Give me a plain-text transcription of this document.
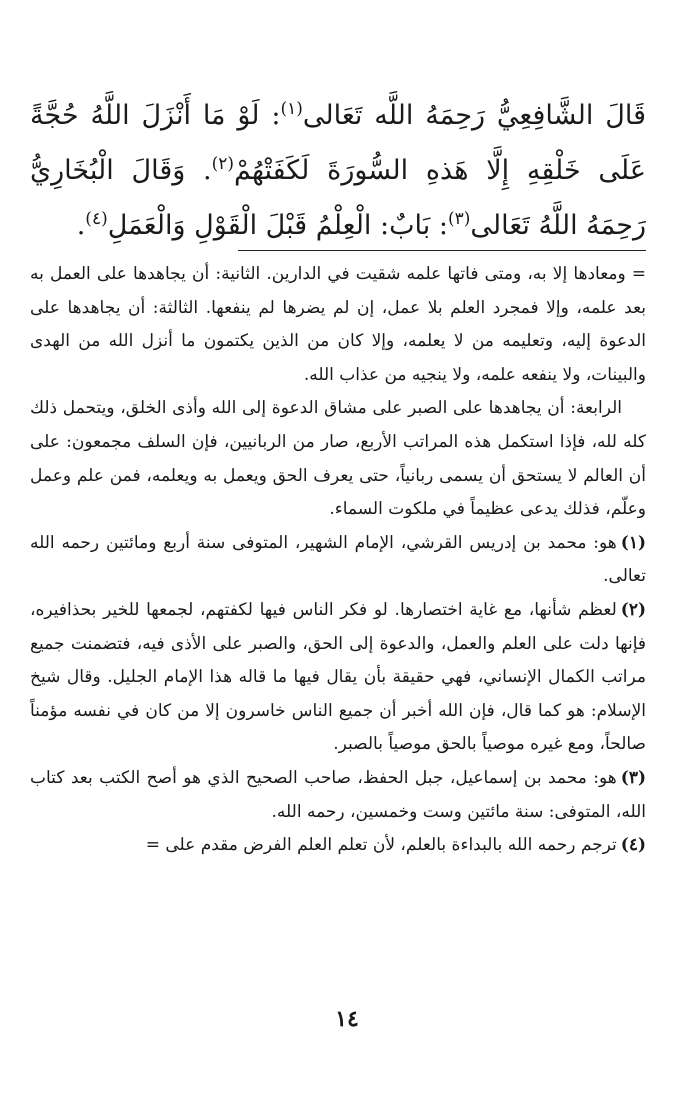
قَالَ الشَّافِعِيُّ رَحِمَهُ اللَّه تَعَالى$^{(١)}$: لَوْ مَا أَنْزَلَ اللَّهُ حُجَّةً عَلَى خَلْقِهِ إِلَّا هَذهِ السُّورَةَ لَكَفَتْهُمْ$^{(٢)}$. وَقَالَ الْبُخَارِيُّ رَحِمَهُ اللَّهُ تَعَالى$^{(٣)}$: بَابٌ: الْعِلْمُ قَبْلَ الْقَوْلِ وَالْعَمَلِ$^{(٤)}$.

=ومعادها إلا به، ومتى فاتها علمه شقيت في الدارين. الثانية: أن يجاهدها على العمل به بعد علمه، وإلا فمجرد العلم بلا عمل، إن لم يضرها لم ينفعها. الثالثة: أن يجاهدها على الدعوة إليه، وتعليمه من لا يعلمه، وإلا كان من الذين يكتمون ما أنزل الله من الهدى والبينات، ولا ينفعه علمه، ولا ينجيه من عذاب الله.

الرابعة: أن يجاهدها على الصبر على مشاق الدعوة إلى الله وأذى الخلق، ويتحمل ذلك كله لله، فإذا استكمل هذه المراتب الأربع، صار من الربانيين، فإن السلف مجمعون: على أن العالم لا يستحق أن يسمى ربانياً، حتى يعرف الحق ويعمل به ويعلمه، فمن علم وعمل وعلّم، فذلك يدعى عظيماً في ملكوت السماء.

(١)هو: محمد بن إدريس القرشي، الإمام الشهير، المتوفى سنة أربع ومائتين رحمه الله تعالى.

(٢)لعظم شأنها، مع غاية اختصارها. لو فكر الناس فيها لكفتهم، لجمعها للخير بحذافيره، فإنها دلت على العلم والعمل، والدعوة إلى الحق، والصبر على الأذى فيه، فتضمنت جميع مراتب الكمال الإنساني، فهي حقيقة بأن يقال فيها ما قاله هذا الإمام الجليل. وقال شيخ الإسلام: هو كما قال، فإن الله أخبر أن جميع الناس خاسرون إلا من كان في نفسه مؤمناً صالحاً، ومع غيره موصياً بالحق موصياً بالصبر.

(٣)هو: محمد بن إسماعيل، جبل الحفظ، صاحب الصحيح الذي هو أصح الكتب بعد كتاب الله، المتوفى: سنة مائتين وست وخمسين، رحمه الله.

(٤)ترجم رحمه الله بالبداءة بالعلم، لأن تعلم العلم الفرض مقدم على =

١٤
